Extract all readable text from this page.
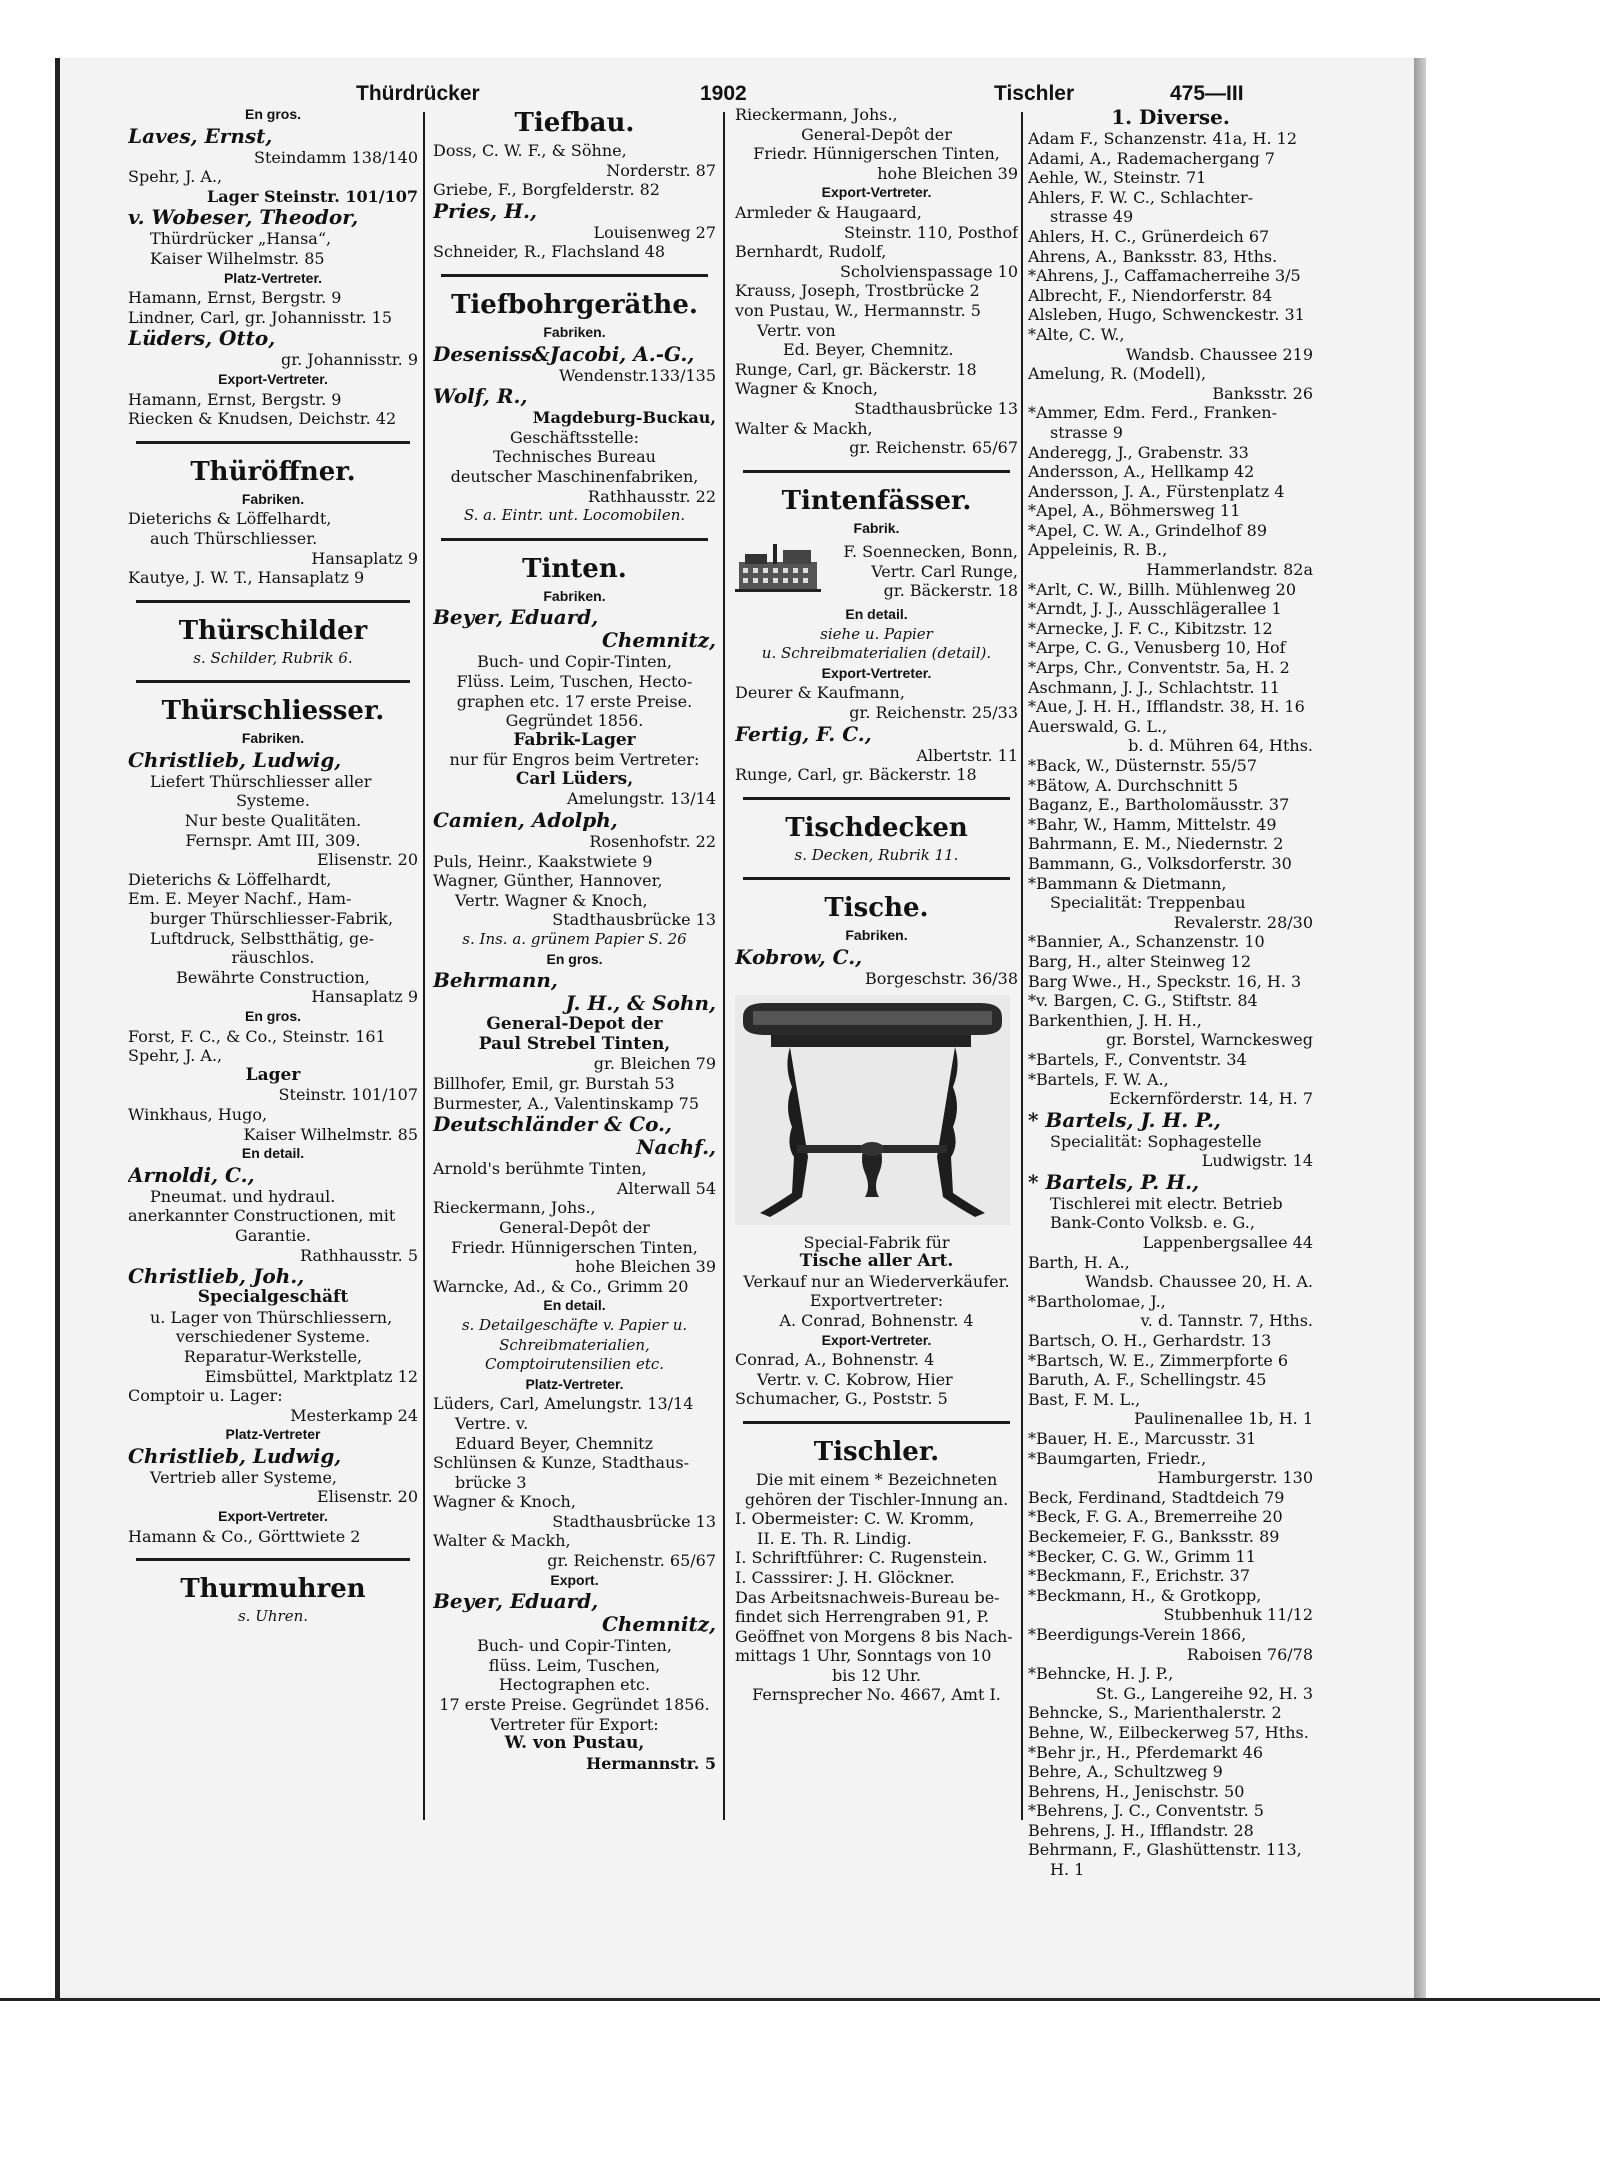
Thürdrücker	1902	Tischler	475—III
En gros.
Laves, Ernst,
Steindamm 138/140
Spehr, J. A.,
Lager Steinstr. 101/107
v. Wobeser, Theodor,
Thürdrücker „Hansa“,
Kaiser Wilhelmstr. 85
Platz-Vertreter.
Hamann, Ernst, Bergstr. 9
Lindner, Carl, gr. Johannisstr. 15
Lüders, Otto,
gr. Johannisstr. 9
Export-Vertreter.
Hamann, Ernst, Bergstr. 9
Riecken & Knudsen, Deichstr. 42
Thüröffner.
Fabriken.
Dieterichs & Löffelhardt,
auch Thürschliesser.
Hansaplatz 9
Kautye, J. W. T., Hansaplatz 9
Thürschilder
s. Schilder, Rubrik 6.
Thürschliesser.
Fabriken.
Christlieb, Ludwig,
Liefert Thürschliesser aller
Systeme.
Nur beste Qualitäten.
Fernspr. Amt III, 309.
Elisenstr. 20
Dieterichs & Löffelhardt,
Em. E. Meyer Nachf., Ham-
burger Thürschliesser-Fabrik,
Luftdruck, Selbstthätig, ge-
räuschlos.
Bewährte Construction,
Hansaplatz 9
En gros.
Forst, F. C., & Co., Steinstr. 161
Spehr, J. A.,
Lager
Steinstr. 101/107
Winkhaus, Hugo,
Kaiser Wilhelmstr. 85
En detail.
Arnoldi, C.,
Pneumat. und hydraul.
anerkannter Constructionen, mit
Garantie.
Rathhausstr. 5
Christlieb, Joh.,
Specialgeschäft
u. Lager von Thürschliessern,
verschiedener Systeme.
Reparatur-Werkstelle,
Eimsbüttel, Marktplatz 12
Comptoir u. Lager:
Mesterkamp 24
Platz-Vertreter
Christlieb, Ludwig,
Vertrieb aller Systeme,
Elisenstr. 20
Export-Vertreter.
Hamann & Co., Görttwiete 2
Thurmuhren
s. Uhren.
Tiefbau.
Doss, C. W. F., & Söhne,
Norderstr. 87
Griebe, F., Borgfelderstr. 82
Pries, H.,
Louisenweg 27
Schneider, R., Flachsland 48
Tiefbohrgeräthe.
Fabriken.
Deseniss&Jacobi, A.-G.,
Wendenstr.133/135
Wolf, R.,
Magdeburg-Buckau,
Geschäftsstelle:
Technisches Bureau
deutscher Maschinenfabriken,
Rathhausstr. 22
S. a. Eintr. unt. Locomobilen.
Tinten.
Fabriken.
Beyer, Eduard,
Chemnitz,
Buch- und Copir-Tinten,
Flüss. Leim, Tuschen, Hecto-
graphen etc. 17 erste Preise.
Gegründet 1856.
Fabrik-Lager
nur für Engros beim Vertreter:
Carl Lüders,
Amelungstr. 13/14
Camien, Adolph,
Rosenhofstr. 22
Puls, Heinr., Kaakstwiete 9
Wagner, Günther, Hannover,
Vertr. Wagner & Knoch,
Stadthausbrücke 13
s. Ins. a. grünem Papier S. 26
En gros.
Behrmann,
J. H., & Sohn,
General-Depot der
Paul Strebel Tinten,
gr. Bleichen 79
Billhofer, Emil, gr. Burstah 53
Burmester, A., Valentinskamp 75
Deutschländer & Co.,
Nachf.,
Arnold's berühmte Tinten,
Alterwall 54
Rieckermann, Johs.,
General-Depôt der
Friedr. Hünnigerschen Tinten,
hohe Bleichen 39
Warncke, Ad., & Co., Grimm 20
En detail.
s. Detailgeschäfte v. Papier u.
Schreibmaterialien,
Comptoirutensilien etc.
Platz-Vertreter.
Lüders, Carl, Amelungstr. 13/14
Vertre. v.
Eduard Beyer, Chemnitz
Schlünsen & Kunze, Stadthaus-
brücke 3
Wagner & Knoch,
Stadthausbrücke 13
Walter & Mackh,
gr. Reichenstr. 65/67
Export.
Beyer, Eduard,
Chemnitz,
Buch- und Copir-Tinten,
flüss. Leim, Tuschen,
Hectographen etc.
17 erste Preise. Gegründet 1856.
Vertreter für Export:
W. von Pustau,
Hermannstr. 5
Rieckermann, Johs.,
General-Depôt der
Friedr. Hünnigerschen Tinten,
hohe Bleichen 39
Export-Vertreter.
Armleder & Haugaard,
Steinstr. 110, Posthof
Bernhardt, Rudolf,
Scholvienspassage 10
Krauss, Joseph, Trostbrücke 2
von Pustau, W., Hermannstr. 5
Vertr. von
Ed. Beyer, Chemnitz.
Runge, Carl, gr. Bäckerstr. 18
Wagner & Knoch,
Stadthausbrücke 13
Walter & Mackh,
gr. Reichenstr. 65/67
Tintenfässer.
Fabrik.
F. Soennecken, Bonn,
Vertr. Carl Runge,
gr. Bäckerstr. 18
En detail.
siehe u. Papier
u. Schreibmaterialien (detail).
Export-Vertreter.
Deurer & Kaufmann,
gr. Reichenstr. 25/33
Fertig, F. C.,
Albertstr. 11
Runge, Carl, gr. Bäckerstr. 18
Tischdecken
s. Decken, Rubrik 11.
Tische.
Fabriken.
Kobrow, C.,
Borgeschstr. 36/38
Special-Fabrik für
Tische aller Art.
Verkauf nur an Wiederverkäufer.
Exportvertreter:
A. Conrad, Bohnenstr. 4
Export-Vertreter.
Conrad, A., Bohnenstr. 4
Vertr. v. C. Kobrow, Hier
Schumacher, G., Poststr. 5
Tischler.
Die mit einem * Bezeichneten
gehören der Tischler-Innung an.
I. Obermeister: C. W. Kromm,
II. E. Th. R. Lindig.
I. Schriftführer: C. Rugenstein.
I. Casssirer: J. H. Glöckner.
Das Arbeitsnachweis-Bureau be-
findet sich Herrengraben 91, P.
Geöffnet von Morgens 8 bis Nach-
mittags 1 Uhr, Sonntags von 10
bis 12 Uhr.
Fernsprecher No. 4667, Amt I.
1. Diverse.
Adam F., Schanzenstr. 41a, H. 12
Adami, A., Rademachergang 7
Aehle, W., Steinstr. 71
Ahlers, F. W. C., Schlachter-
strasse 49
Ahlers, H. C., Grünerdeich 67
Ahrens, A., Banksstr. 83, Hths.
*Ahrens, J., Caffamacherreihe 3/5
Albrecht, F., Niendorferstr. 84
Alsleben, Hugo, Schwenckestr. 31
*Alte, C. W.,
Wandsb. Chaussee 219
Amelung, R. (Modell),
Banksstr. 26
*Ammer, Edm. Ferd., Franken-
strasse 9
Anderegg, J., Grabenstr. 33
Andersson, A., Hellkamp 42
Andersson, J. A., Fürstenplatz 4
*Apel, A., Böhmersweg 11
*Apel, C. W. A., Grindelhof 89
Appeleinis, R. B.,
Hammerlandstr. 82a
*Arlt, C. W., Billh. Mühlenweg 20
*Arndt, J. J., Ausschlägerallee 1
*Arnecke, J. F. C., Kibitzstr. 12
*Arpe, C. G., Venusberg 10, Hof
*Arps, Chr., Conventstr. 5a, H. 2
Aschmann, J. J., Schlachtstr. 11
*Aue, J. H. H., Ifflandstr. 38, H. 16
Auerswald, G. L.,
b. d. Mühren 64, Hths.
*Back, W., Düsternstr. 55/57
*Bätow, A. Durchschnitt 5
Baganz, E., Bartholomäusstr. 37
*Bahr, W., Hamm, Mittelstr. 49
Bahrmann, E. M., Niedernstr. 2
Bammann, G., Volksdorferstr. 30
*Bammann & Dietmann,
Specialität: Treppenbau
Revalerstr. 28/30
*Bannier, A., Schanzenstr. 10
Barg, H., alter Steinweg 12
Barg Wwe., H., Speckstr. 16, H. 3
*v. Bargen, C. G., Stiftstr. 84
Barkenthien, J. H. H.,
gr. Borstel, Warnckesweg
*Bartels, F., Conventstr. 34
*Bartels, F. W. A.,
Eckernförderstr. 14, H. 7
* Bartels, J. H. P.,
Specialität: Sophagestelle
Ludwigstr. 14
* Bartels, P. H.,
Tischlerei mit electr. Betrieb
Bank-Conto Volksb. e. G.,
Lappenbergsallee 44
Barth, H. A.,
Wandsb. Chaussee 20, H. A.
*Bartholomae, J.,
v. d. Tannstr. 7, Hths.
Bartsch, O. H., Gerhardstr. 13
*Bartsch, W. E., Zimmerpforte 6
Baruth, A. F., Schellingstr. 45
Bast, F. M. L.,
Paulinenallee 1b, H. 1
*Bauer, H. E., Marcusstr. 31
*Baumgarten, Friedr.,
Hamburgerstr. 130
Beck, Ferdinand, Stadtdeich 79
*Beck, F. G. A., Bremerreihe 20
Beckemeier, F. G., Banksstr. 89
*Becker, C. G. W., Grimm 11
*Beckmann, F., Erichstr. 37
*Beckmann, H., & Grotkopp,
Stubbenhuk 11/12
*Beerdigungs-Verein 1866,
Raboisen 76/78
*Behncke, H. J. P.,
St. G., Langereihe 92, H. 3
Behncke, S., Marienthalerstr. 2
Behne, W., Eilbeckerweg 57, Hths.
*Behr jr., H., Pferdemarkt 46
Behre, A., Schultzweg 9
Behrens, H., Jenischstr. 50
*Behrens, J. C., Conventstr. 5
Behrens, J. H., Ifflandstr. 28
Behrmann, F., Glashüttenstr. 113,
H. 1
